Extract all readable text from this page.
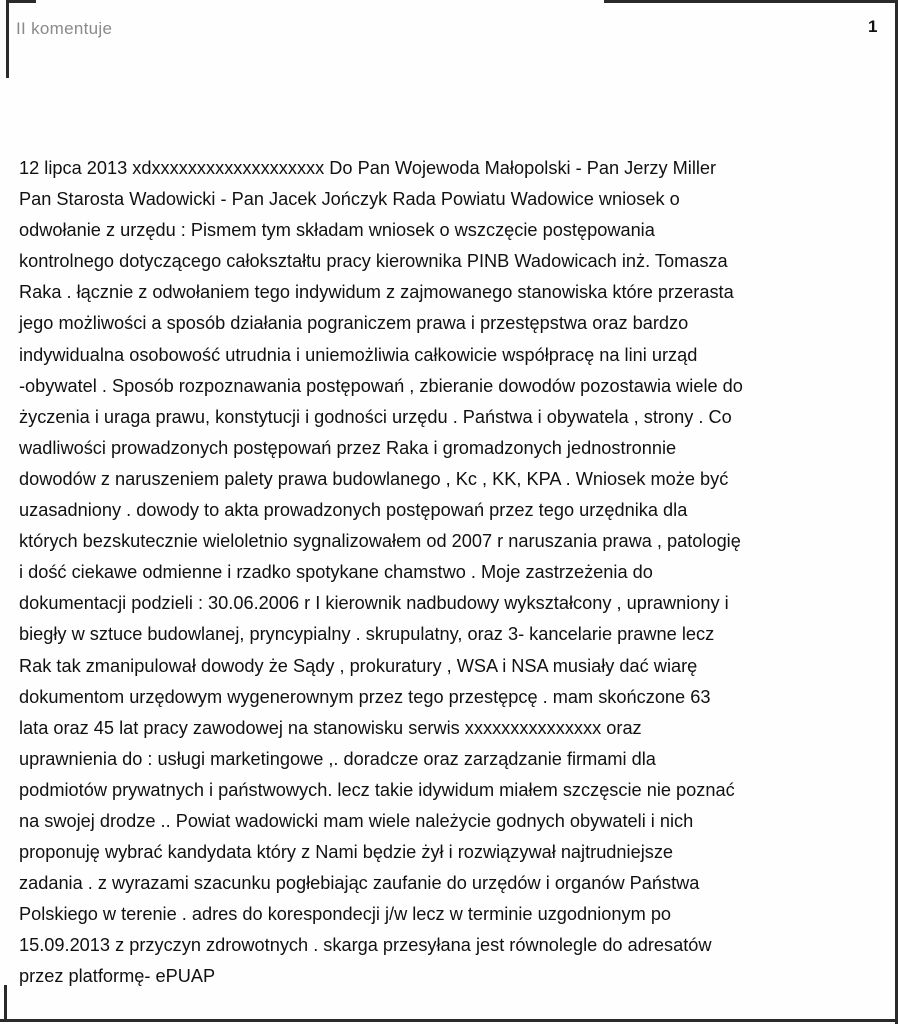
II komentuje	1
12 lipca 2013 xdxxxxxxxxxxxxxxxxxxx Do Pan Wojewoda Małopolski - Pan Jerzy Miller
Pan Starosta Wadowicki - Pan Jacek Jończyk Rada Powiatu Wadowice wniosek o
odwołanie z urzędu : Pismem tym składam wniosek o wszczęcie postępowania
kontrolnego dotyczącego całokształtu pracy kierownika PINB Wadowicach inż. Tomasza
Raka . łącznie z odwołaniem tego indywidum z zajmowanego stanowiska które przerasta
jego możliwości a sposób działania pograniczem prawa i przestępstwa oraz bardzo
indywidualna osobowość utrudnia i uniemożliwia całkowicie współpracę na lini urząd
-obywatel . Sposób rozpoznawania postępowań , zbieranie dowodów pozostawia wiele do
życzenia i uraga prawu, konstytucji i godności urzędu . Państwa i obywatela , strony . Co
wadliwości prowadzonych postępowań przez Raka i gromadzonych jednostronnie
dowodów z naruszeniem palety prawa budowlanego , Kc , KK, KPA . Wniosek może być
uzasadniony . dowody to akta prowadzonych postępowań przez tego urzędnika dla
których bezskutecznie wieloletnio sygnalizowałem od 2007 r naruszania prawa , patologię
i dość ciekawe odmienne i rzadko spotykane chamstwo . Moje zastrzeżenia do
dokumentacji podzieli : 30.06.2006 r I kierownik nadbudowy wykształcony , uprawniony i
biegły w sztuce budowlanej, pryncypialny . skrupulatny, oraz 3- kancelarie prawne lecz
Rak tak zmanipulował dowody że Sądy , prokuratury , WSA i NSA musiały dać wiarę
dokumentom urzędowym wygenerownym przez tego przestępcę . mam skończone 63
lata oraz 45 lat pracy zawodowej na stanowisku serwis xxxxxxxxxxxxxxx oraz
uprawnienia do : usługi marketingowe ,. doradcze oraz zarządzanie firmami dla
podmiotów prywatnych i państwowych. lecz takie idywidum miałem szczęscie nie poznać
na swojej drodze .. Powiat wadowicki mam wiele należycie godnych obywateli i nich
proponuję wybrać kandydata który z Nami będzie żył i rozwiązywał najtrudniejsze
zadania . z wyrazami szacunku pogłebiając zaufanie do urzędów i organów Państwa
Polskiego w terenie . adres do korespondecji j/w lecz w terminie uzgodnionym po
15.09.2013 z przyczyn zdrowotnych . skarga przesyłana jest równolegle do adresatów
przez platformę- ePUAP
